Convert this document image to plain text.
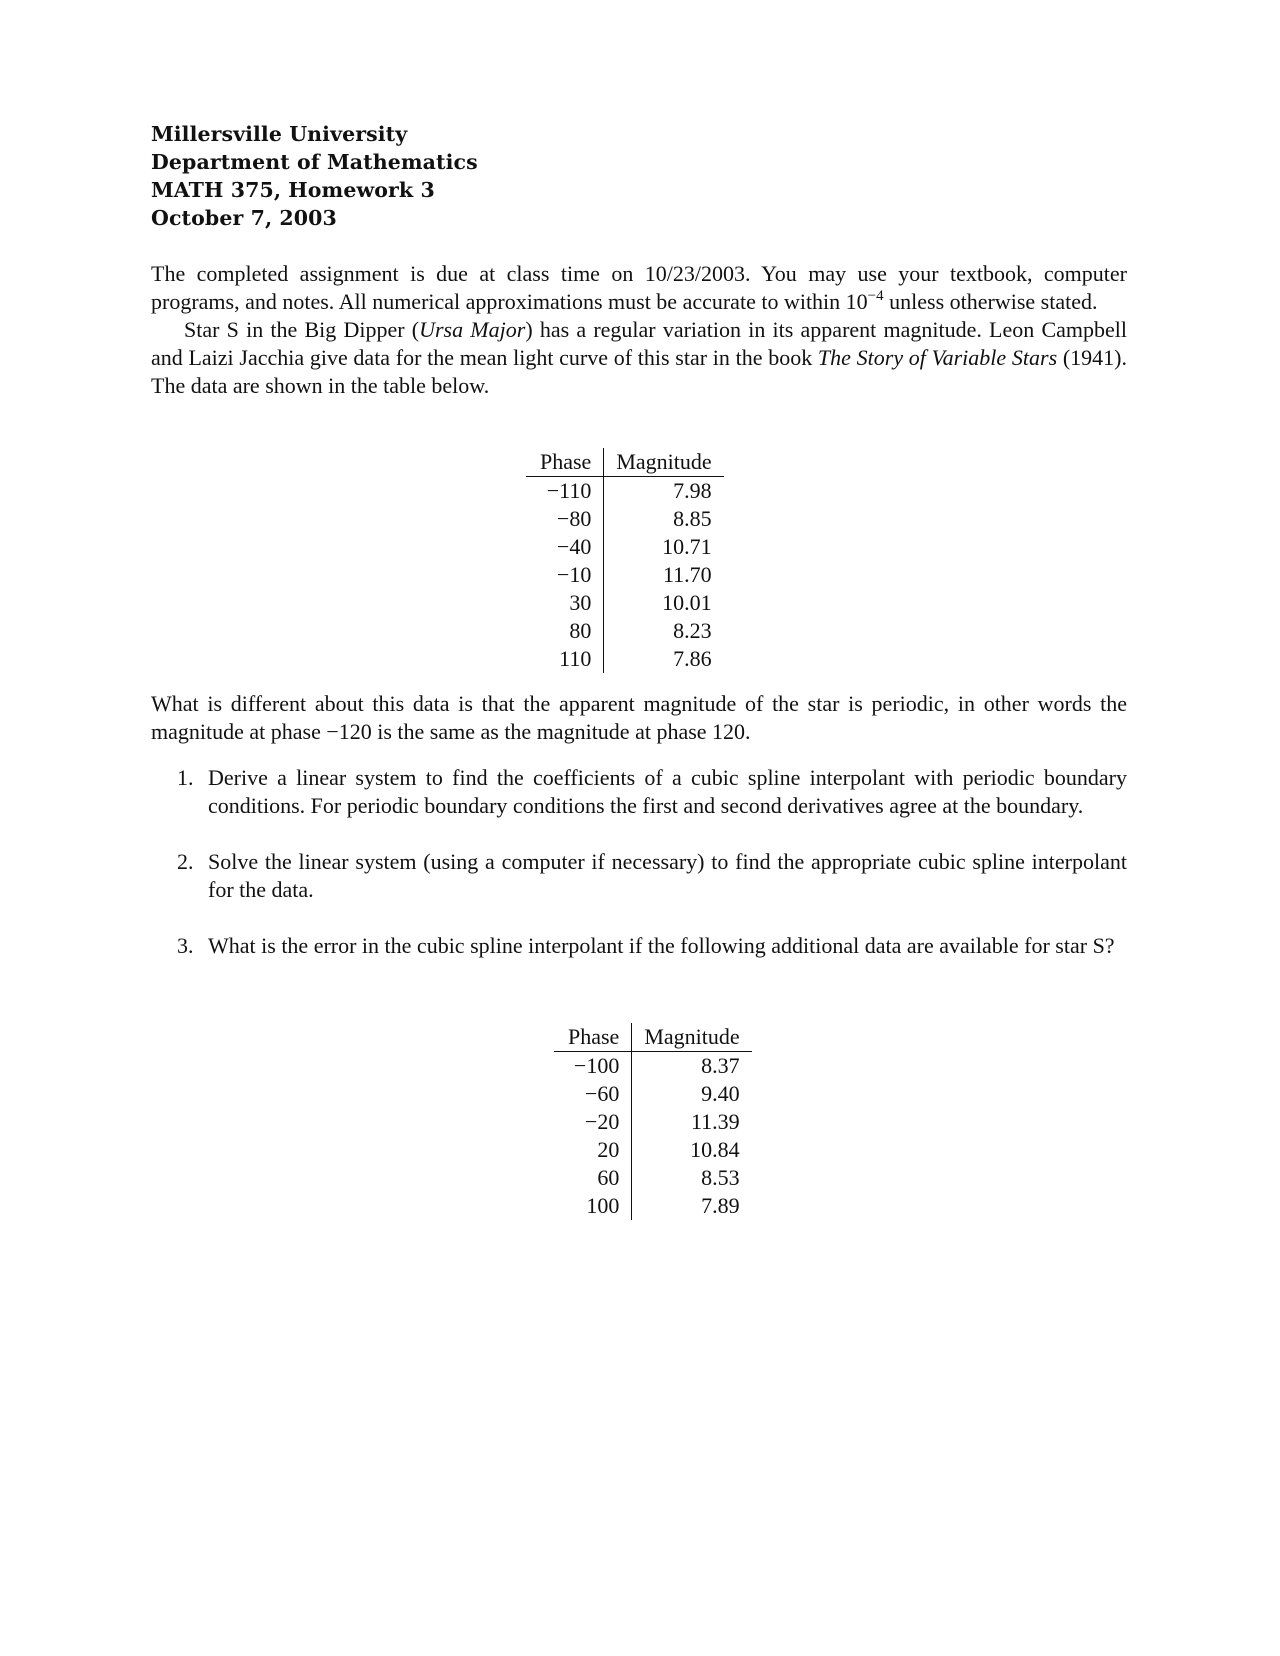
Millersville University
Department of Mathematics
MATH 375, Homework 3
October 7, 2003

The completed assignment is due at class time on 10/23/2003. You may use your textbook, computer programs, and notes. All numerical approximations must be accurate to within $10^{-4}$ unless otherwise stated.

Star S in the Big Dipper (Ursa Major) has a regular variation in its apparent magnitude. Leon Campbell and Laizi Jacchia give data for the mean light curve of this star in the book The Story of Variable Stars (1941). The data are shown in the table below.

Phase	Magnitude
−110	7.98
−80	8.85
−40	10.71
−10	11.70
30	10.01
80	8.23
110	7.86

What is different about this data is that the apparent magnitude of the star is periodic, in other words the magnitude at phase −120 is the same as the magnitude at phase 120.

1. Derive a linear system to find the coefficients of a cubic spline interpolant with periodic boundary conditions. For periodic boundary conditions the first and second derivatives agree at the boundary.
2. Solve the linear system (using a computer if necessary) to find the appropriate cubic spline interpolant for the data.
3. What is the error in the cubic spline interpolant if the following additional data are available for star S?
Phase	Magnitude
−100	8.37
−60	9.40
−20	11.39
20	10.84
60	8.53
100	7.89
